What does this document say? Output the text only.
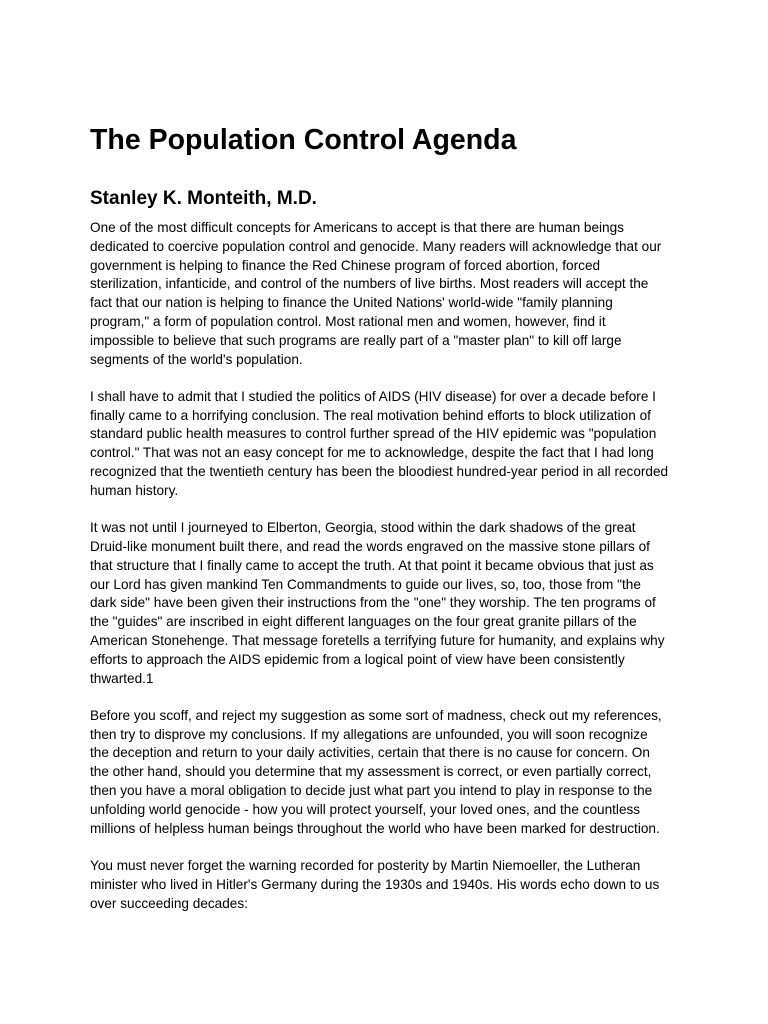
The Population Control Agenda
Stanley K. Monteith, M.D.

One of the most difficult concepts for Americans to accept is that there are human beings
dedicated to coercive population control and genocide. Many readers will acknowledge that our
government is helping to finance the Red Chinese program of forced abortion, forced
sterilization, infanticide, and control of the numbers of live births. Most readers will accept the
fact that our nation is helping to finance the United Nations' world-wide "family planning
program," a form of population control. Most rational men and women, however, find it
impossible to believe that such programs are really part of a "master plan" to kill off large
segments of the world's population.

I shall have to admit that I studied the politics of AIDS (HIV disease) for over a decade before I
finally came to a horrifying conclusion. The real motivation behind efforts to block utilization of
standard public health measures to control further spread of the HIV epidemic was "population
control." That was not an easy concept for me to acknowledge, despite the fact that I had long
recognized that the twentieth century has been the bloodiest hundred-year period in all recorded
human history.

It was not until I journeyed to Elberton, Georgia, stood within the dark shadows of the great
Druid-like monument built there, and read the words engraved on the massive stone pillars of
that structure that I finally came to accept the truth. At that point it became obvious that just as
our Lord has given mankind Ten Commandments to guide our lives, so, too, those from "the
dark side" have been given their instructions from the "one" they worship. The ten programs of
the "guides" are inscribed in eight different languages on the four great granite pillars of the
American Stonehenge. That message foretells a terrifying future for humanity, and explains why
efforts to approach the AIDS epidemic from a logical point of view have been consistently
thwarted.1

Before you scoff, and reject my suggestion as some sort of madness, check out my references,
then try to disprove my conclusions. If my allegations are unfounded, you will soon recognize
the deception and return to your daily activities, certain that there is no cause for concern. On
the other hand, should you determine that my assessment is correct, or even partially correct,
then you have a moral obligation to decide just what part you intend to play in response to the
unfolding world genocide - how you will protect yourself, your loved ones, and the countless
millions of helpless human beings throughout the world who have been marked for destruction.

You must never forget the warning recorded for posterity by Martin Niemoeller, the Lutheran
minister who lived in Hitler's Germany during the 1930s and 1940s. His words echo down to us
over succeeding decades:
